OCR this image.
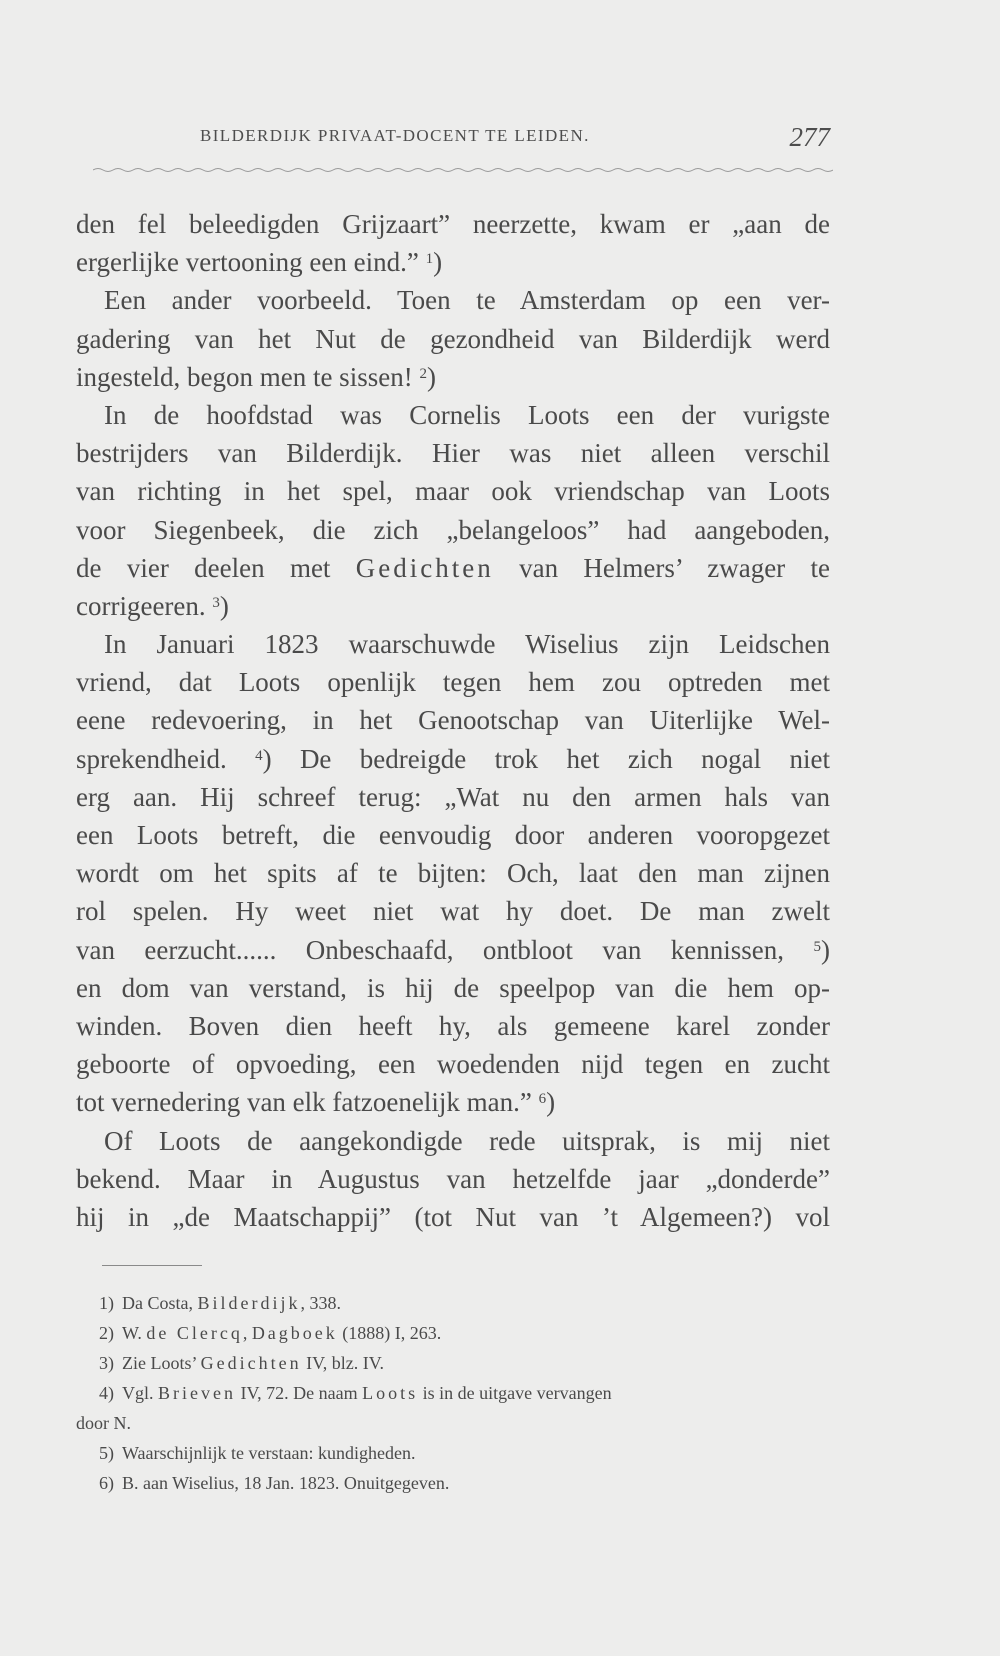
BILDERDIJK PRIVAAT-DOCENT TE LEIDEN.	277
den fel beleedigden Grijzaart” neerzette, kwam er „aan de
ergerlijke vertooning een eind.” $^1$)
Een ander voorbeeld. Toen te Amsterdam op een ver-
gadering van het Nut de gezondheid van Bilderdijk werd
ingesteld, begon men te sissen! $^2$)
In de hoofdstad was Cornelis Loots een der vurigste
bestrijders van Bilderdijk. Hier was niet alleen verschil
van richting in het spel, maar ook vriendschap van Loots
voor Siegenbeek, die zich „belangeloos” had aangeboden,
de vier deelen met Gedichten van Helmers’ zwager te
corrigeeren. $^3$)
In Januari 1823 waarschuwde Wiselius zijn Leidschen
vriend, dat Loots openlijk tegen hem zou optreden met
eene redevoering, in het Genootschap van Uiterlijke Wel-
sprekendheid. $^4$) De bedreigde trok het zich nogal niet
erg aan. Hij schreef terug: „Wat nu den armen hals van
een Loots betreft, die eenvoudig door anderen vooropgezet
wordt om het spits af te bijten: Och, laat den man zijnen
rol spelen. Hy weet niet wat hy doet. De man zwelt
van eerzucht...... Onbeschaafd, ontbloot van kennissen, $^5$)
en dom van verstand, is hij de speelpop van die hem op-
winden. Boven dien heeft hy, als gemeene karel zonder
geboorte of opvoeding, een woedenden nijd tegen en zucht
tot vernedering van elk fatzoenelijk man.” $^6$)
Of Loots de aangekondigde rede uitsprak, is mij niet
bekend. Maar in Augustus van hetzelfde jaar „donderde”
hij in „de Maatschappij” (tot Nut van ’t Algemeen?) vol
1) Da Costa, Bilderdijk, 338.
2) W. de Clercq, Dagboek (1888) I, 263.
3) Zie Loots’ Gedichten IV, blz. IV.
4) Vgl. Brieven IV, 72. De naam Loots is in de uitgave vervangen
door N.
5) Waarschijnlijk te verstaan: kundigheden.
6) B. aan Wiselius, 18 Jan. 1823. Onuitgegeven.
